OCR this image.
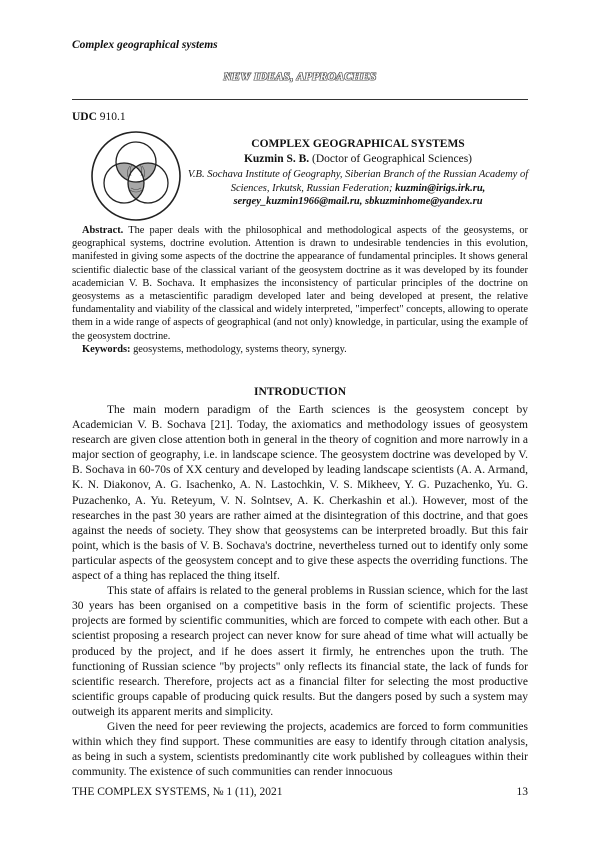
Complex geographical systems
NEW IDEAS, APPROACHES
UDC 910.1
COMPLEX GEOGRAPHICAL SYSTEMS
Kuzmin S. B. (Doctor of Geographical Sciences)
V.B. Sochava Institute of Geography, Siberian Branch of the Russian Academy of Sciences, Irkutsk, Russian Federation; kuzmin@irigs.irk.ru,
sergey_kuzmin1966@mail.ru, sbkuzminhome@yandex.ru

Abstract. The paper deals with the philosophical and methodological aspects of the geosystems, or geographical systems, doctrine evolution. Attention is drawn to undesirable tendencies in this evolution, manifested in giving some aspects of the doctrine the appearance of fundamental principles. It shows general scientific dialectic base of the classical variant of the geosystem doctrine as it was developed by its founder academician V. B. Sochava. It emphasizes the inconsistency of particular principles of the doctrine on geosystems as a metascientific paradigm developed later and being developed at present, the relative fundamentality and viability of the classical and widely interpreted, "imperfect" concepts, allowing to operate them in a wide range of aspects of geographical (and not only) knowledge, in particular, using the example of the geosystem doctrine.

Keywords: geosystems, methodology, systems theory, synergy.

INTRODUCTION

The main modern paradigm of the Earth sciences is the geosystem concept by Academician V. B. Sochava [21]. Today, the axiomatics and methodology issues of geosystem research are given close attention both in general in the theory of cognition and more narrowly in a major section of geography, i.e. in landscape science. The geosystem doctrine was developed by V. B. Sochava in 60-70s of XX century and developed by leading landscape scientists (A. A. Armand, K. N. Diakonov, A. G. Isachenko, A. N. Lastochkin, V. S. Mikheev, Y. G. Puzachenko, Yu. G. Puzachenko, A. Yu. Reteyum, V. N. Solntsev, A. K. Cherkashin et al.). However, most of the researches in the past 30 years are rather aimed at the disintegration of this doctrine, and that goes against the needs of society. They show that geosystems can be interpreted broadly. But this fair point, which is the basis of V. B. Sochava's doctrine, nevertheless turned out to identify only some particular aspects of the geosystem concept and to give these aspects the overriding functions. The aspect of a thing has replaced the thing itself.

This state of affairs is related to the general problems in Russian science, which for the last 30 years has been organised on a competitive basis in the form of scientific projects. These projects are formed by scientific communities, which are forced to compete with each other. But a scientist proposing a research project can never know for sure ahead of time what will actually be produced by the project, and if he does assert it firmly, he entrenches upon the truth. The functioning of Russian science "by projects" only reflects its financial state, the lack of funds for scientific research. Therefore, projects act as a financial filter for selecting the most productive scientific groups capable of producing quick results. But the dangers posed by such a system may outweigh its apparent merits and simplicity.

Given the need for peer reviewing the projects, academics are forced to form communities within which they find support. These communities are easy to identify through citation analysis, as being in such a system, scientists predominantly cite work published by colleagues within their community. The existence of such communities can render innocuous

THE COMPLEX SYSTEMS, № 1 (11), 2021	13
